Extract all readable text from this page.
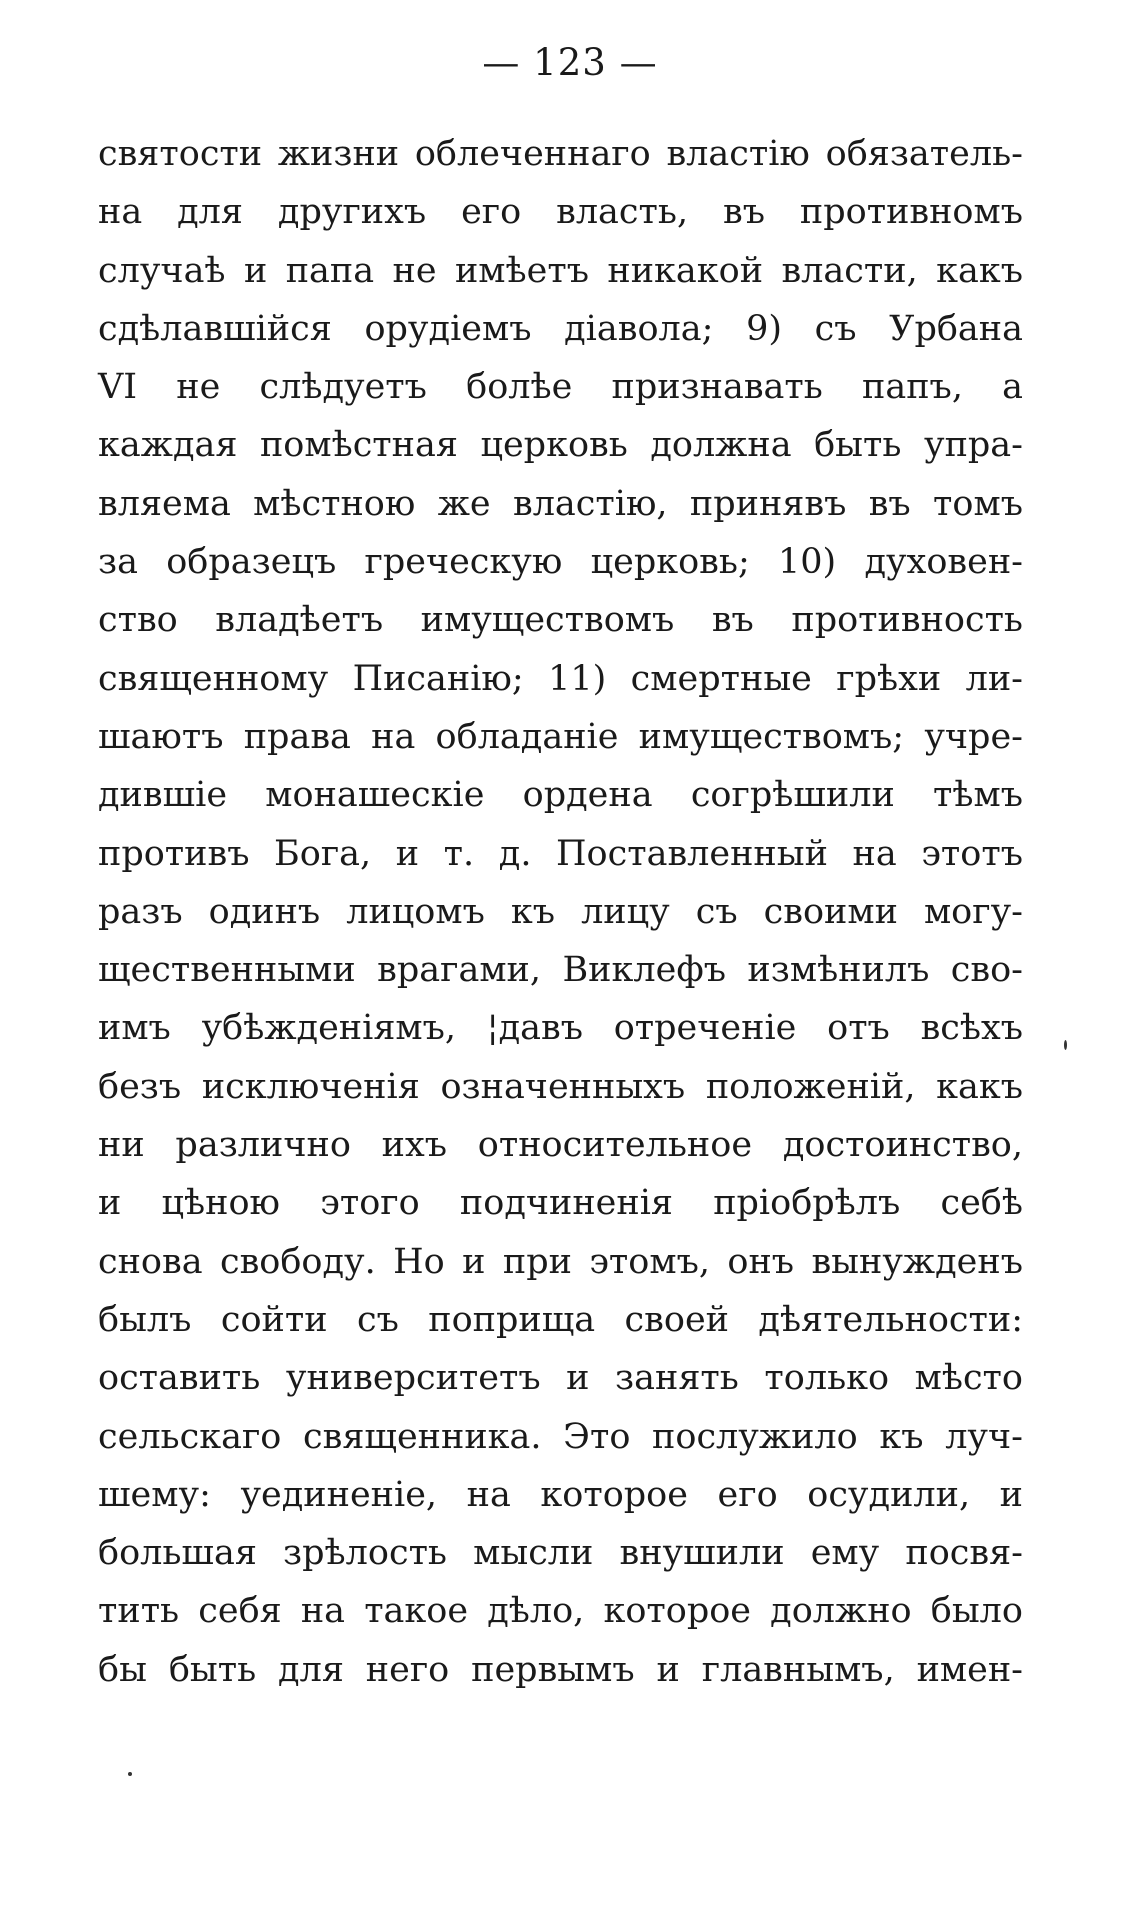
— 123 —
святости жизни облеченнаго властію обязатель-
на для другихъ его власть, въ противномъ
случаѣ и папа не имѣетъ никакой власти, какъ
сдѣлавшійся орудіемъ діавола; 9) съ Урбана
VI не слѣдуетъ болѣе признавать папъ, а
каждая помѣстная церковь должна быть упра-
вляема мѣстною же властію, принявъ въ томъ
за образецъ греческую церковь; 10) духовен-
ство владѣетъ имуществомъ въ противность
священному Писанію; 11) смертные грѣхи ли-
шаютъ права на обладаніе имуществомъ; учре-
дившіе монашескіе ордена согрѣшили тѣмъ
противъ Бога, и т. д. Поставленный на этотъ
разъ одинъ лицомъ къ лицу съ своими могу-
щественными врагами, Виклефъ измѣнилъ сво-
имъ убѣжденіямъ, ¦давъ отреченіе отъ всѣхъ
безъ исключенія означенныхъ положеній, какъ
ни различно ихъ относительное достоинство,
и цѣною этого подчиненія пріобрѣлъ себѣ
снова свободу. Но и при этомъ, онъ вынужденъ
былъ сойти съ поприща своей дѣятельности:
оставить университетъ и занять только мѣсто
сельскаго священника. Это послужило къ луч-
шему: уединеніе, на которое его осудили, и
большая зрѣлость мысли внушили ему посвя-
тить себя на такое дѣло, которое должно было
бы быть для него первымъ и главнымъ, имен-
